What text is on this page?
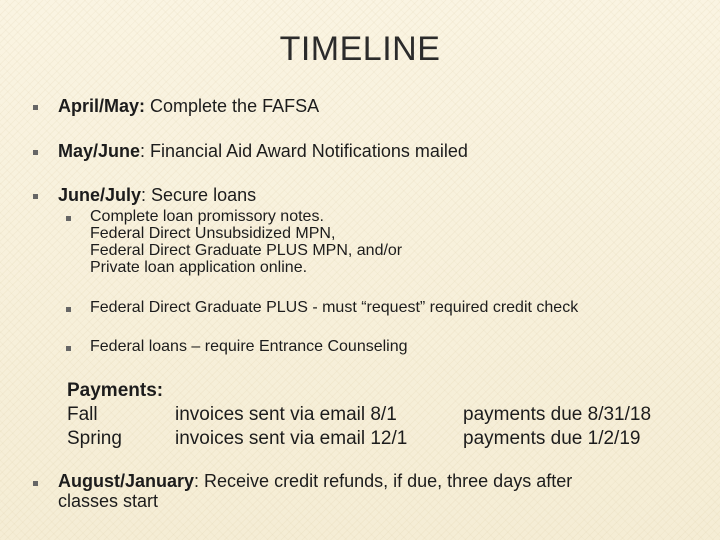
TIMELINE
April/May: Complete the FAFSA
May/June: Financial Aid Award Notifications mailed
June/July: Secure loans
Complete loan promissory notes.
Federal Direct Unsubsidized MPN,
Federal Direct Graduate PLUS MPN, and/or
Private loan application online.
Federal Direct Graduate PLUS - must “request” required credit check
Federal loans – require Entrance Counseling
Payments:
Fall	invoices sent via email 8/1	payments due 8/31/18
Spring	invoices sent via email 12/1	payments due 1/2/19
August/January: Receive credit refunds, if due, three days after
classes start
